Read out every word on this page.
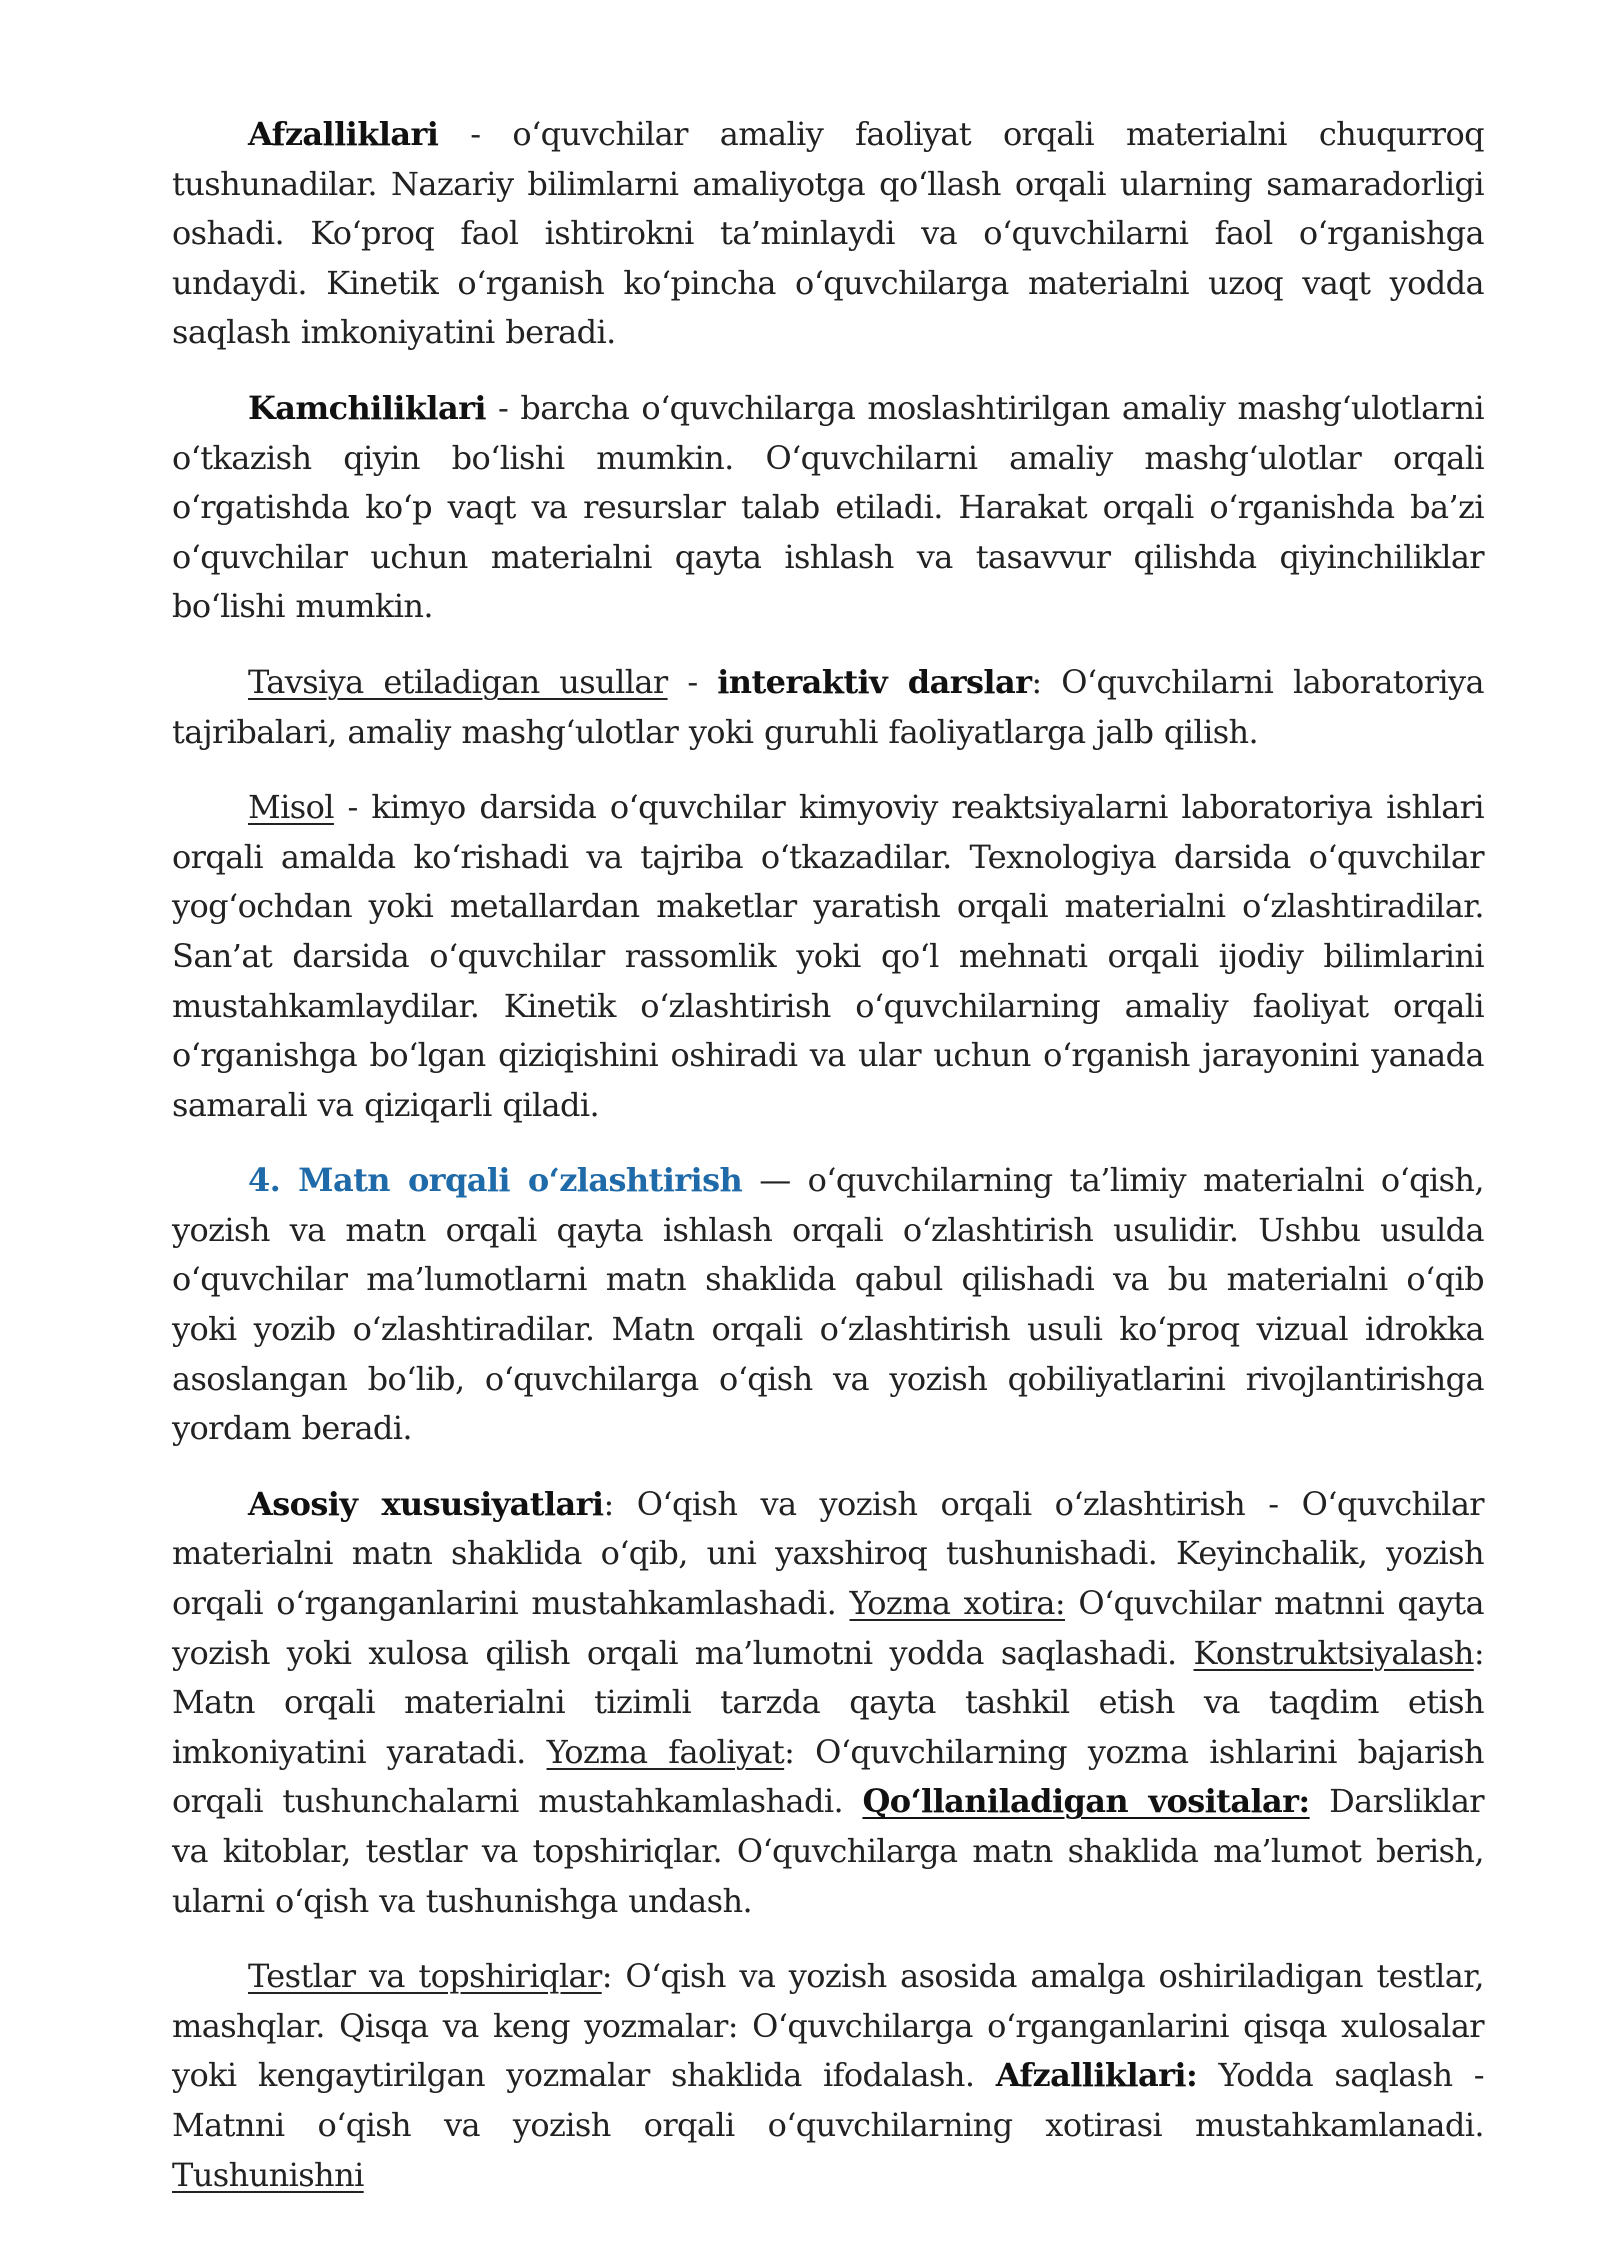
Afzalliklari - oʻquvchilar amaliy faoliyat orqali materialni chuqurroq tushunadilar. Nazariy bilimlarni amaliyotga qoʻllash orqali ularning samaradorligi oshadi. Koʻproq faol ishtirokni ta’minlaydi va oʻquvchilarni faol oʻrganishga undaydi. Kinetik oʻrganish koʻpincha oʻquvchilarga materialni uzoq vaqt yodda saqlash imkoniyatini beradi.

Kamchiliklari - barcha oʻquvchilarga moslashtirilgan amaliy mashgʻulotlarni oʻtkazish qiyin boʻlishi mumkin. Oʻquvchilarni amaliy mashgʻulotlar orqali oʻrgatishda koʻp vaqt va resurslar talab etiladi. Harakat orqali oʻrganishda ba’zi oʻquvchilar uchun materialni qayta ishlash va tasavvur qilishda qiyinchiliklar boʻlishi mumkin.

Tavsiya etiladigan usullar - interaktiv darslar: Oʻquvchilarni laboratoriya tajribalari, amaliy mashgʻulotlar yoki guruhli faoliyatlarga jalb qilish.

Misol - kimyo darsida oʻquvchilar kimyoviy reaktsiyalarni laboratoriya ishlari orqali amalda koʻrishadi va tajriba oʻtkazadilar. Texnologiya darsida oʻquvchilar yogʻochdan yoki metallardan maketlar yaratish orqali materialni oʻzlashtiradilar. San’at darsida oʻquvchilar rassomlik yoki qoʻl mehnati orqali ijodiy bilimlarini mustahkamlaydilar. Kinetik oʻzlashtirish oʻquvchilarning amaliy faoliyat orqali oʻrganishga boʻlgan qiziqishini oshiradi va ular uchun oʻrganish jarayonini yanada samarali va qiziqarli qiladi.

4. Matn orqali oʻzlashtirish — oʻquvchilarning ta’limiy materialni oʻqish, yozish va matn orqali qayta ishlash orqali oʻzlashtirish usulidir. Ushbu usulda oʻquvchilar ma’lumotlarni matn shaklida qabul qilishadi va bu materialni oʻqib yoki yozib oʻzlashtiradilar. Matn orqali oʻzlashtirish usuli koʻproq vizual idrokka asoslangan boʻlib, oʻquvchilarga oʻqish va yozish qobiliyatlarini rivojlantirishga yordam beradi.

Asosiy xususiyatlari: Oʻqish va yozish orqali oʻzlashtirish - Oʻquvchilar materialni matn shaklida oʻqib, uni yaxshiroq tushunishadi. Keyinchalik, yozish orqali oʻrganganlarini mustahkamlashadi. Yozma xotira: Oʻquvchilar matnni qayta yozish yoki xulosa qilish orqali ma’lumotni yodda saqlashadi. Konstruktsiyalash: Matn orqali materialni tizimli tarzda qayta tashkil etish va taqdim etish imkoniyatini yaratadi. Yozma faoliyat: Oʻquvchilarning yozma ishlarini bajarish orqali tushunchalarni mustahkamlashadi. Qoʻllaniladigan vositalar: Darsliklar va kitoblar, testlar va topshiriqlar. Oʻquvchilarga matn shaklida ma’lumot berish, ularni oʻqish va tushunishga undash.

Testlar va topshiriqlar: Oʻqish va yozish asosida amalga oshiriladigan testlar, mashqlar. Qisqa va keng yozmalar: Oʻquvchilarga oʻrganganlarini qisqa xulosalar yoki kengaytirilgan yozmalar shaklida ifodalash. Afzalliklari: Yodda saqlash - Matnni oʻqish va yozish orqali oʻquvchilarning xotirasi mustahkamlanadi. Tushunishni
